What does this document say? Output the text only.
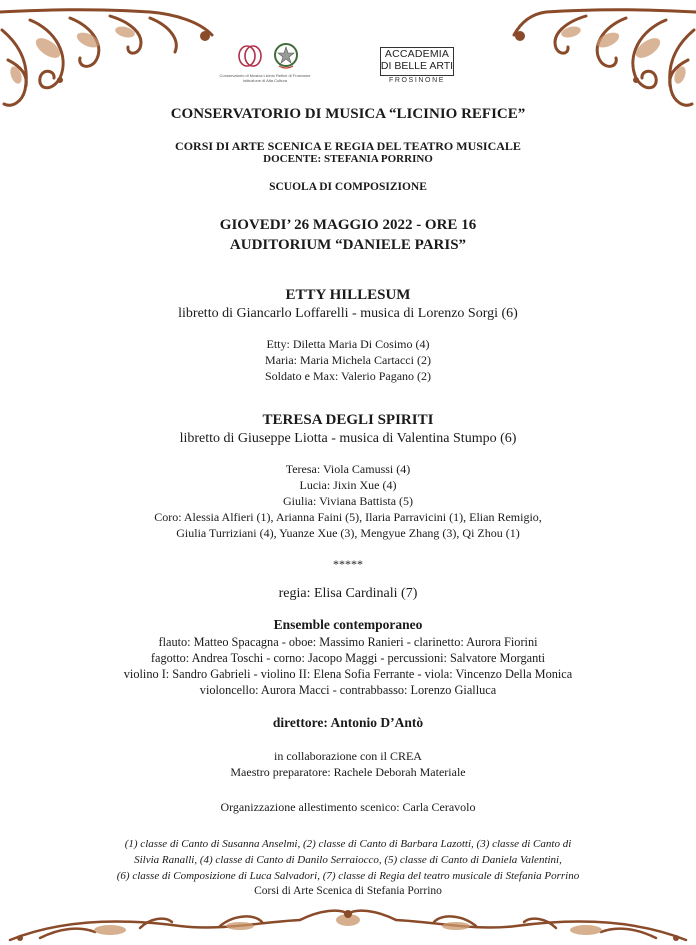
Conservatorio di Musica Licinio Refice di Frosinone
Istituzione di Alta Cultura
ACCADEMIA
DI BELLE ARTI
FROSINONE
CONSERVATORIO DI MUSICA “LICINIO REFICE”
CORSI DI ARTE SCENICA E REGIA DEL TEATRO MUSICALE
DOCENTE: STEFANIA PORRINO
SCUOLA DI COMPOSIZIONE
GIOVEDI’ 26 MAGGIO 2022 - ORE 16
AUDITORIUM “DANIELE PARIS”
ETTY HILLESUM
libretto di Giancarlo Loffarelli - musica di Lorenzo Sorgi (6)
Etty: Diletta Maria Di Cosimo (4)
Maria: Maria Michela Cartacci (2)
Soldato e Max: Valerio Pagano (2)
TERESA DEGLI SPIRITI
libretto di Giuseppe Liotta - musica di Valentina Stumpo (6)
Teresa: Viola Camussi (4)
Lucia: Jixin Xue (4)
Giulia: Viviana Battista (5)
Coro: Alessia Alfieri (1), Arianna Faini (5), Ilaria Parravicini (1), Elian Remigio,
Giulia Turriziani (4), Yuanze Xue (3), Mengyue Zhang (3), Qi Zhou (1)
*****
regia: Elisa Cardinali (7)
Ensemble contemporaneo
flauto: Matteo Spacagna - oboe: Massimo Ranieri - clarinetto: Aurora Fiorini
fagotto: Andrea Toschi - corno: Jacopo Maggi - percussioni: Salvatore Morganti
violino I: Sandro Gabrieli - violino II: Elena Sofia Ferrante - viola: Vincenzo Della Monica
violoncello: Aurora Macci - contrabbasso: Lorenzo Gialluca
direttore: Antonio D’Antò
in collaborazione con il CREA
Maestro preparatore: Rachele Deborah Materiale
Organizzazione allestimento scenico: Carla Ceravolo
(1) classe di Canto di Susanna Anselmi, (2) classe di Canto di Barbara Lazotti, (3) classe di Canto di
Silvia Ranalli, (4) classe di Canto di Danilo Serraiocco, (5) classe di Canto di Daniela Valentini,
(6) classe di Composizione di Luca Salvadori, (7) classe di Regia del teatro musicale di Stefania Porrino
Corsi di Arte Scenica di Stefania Porrino
